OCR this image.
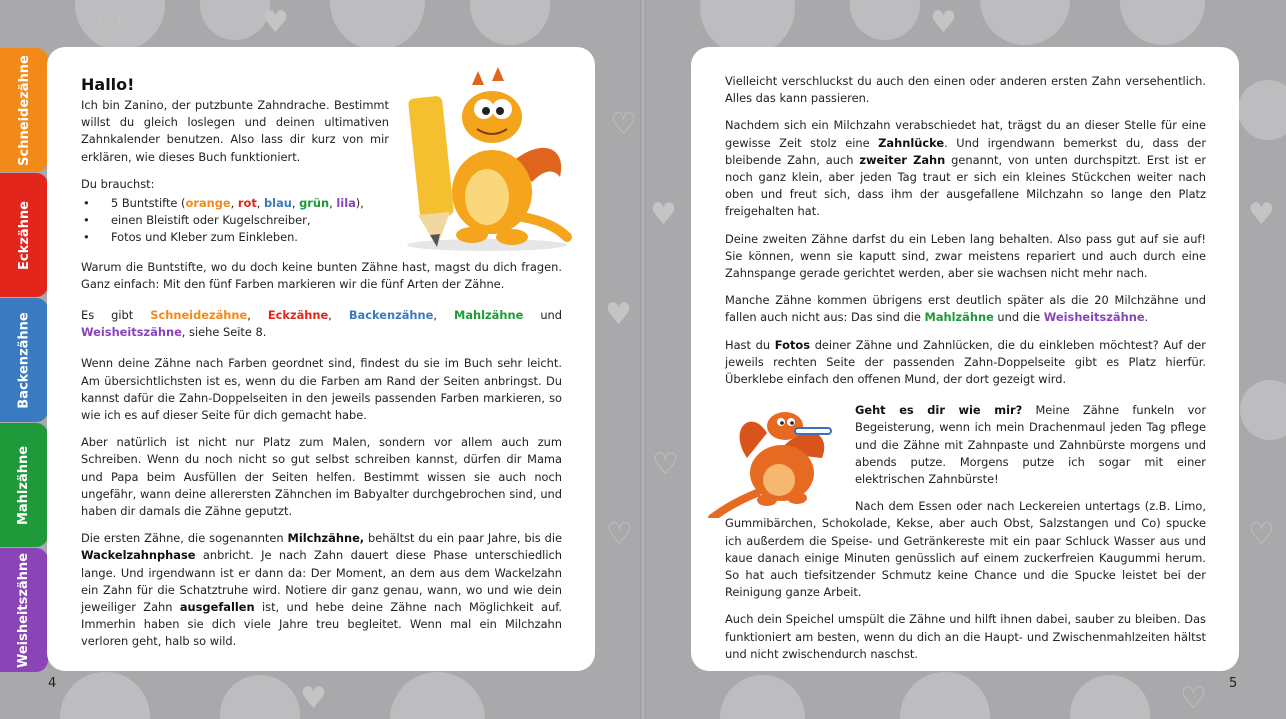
♡	♥
♡
♥
♡
♥
♡
♥
♡
♥
♡
♥
Schneidezähne
Eckzähne
Backenzähne
Mahlzähne
Weisheitszähne
Hallo!

Ich bin Zanino, der putzbunte Zahndrache. Bestimmt willst du gleich loslegen und deinen ultimativen Zahnkalender benutzen. Also lass dir kurz von mir erklären, wie dieses Buch funktioniert.

Du brauchst:

• 5 Buntstifte (orange, rot, blau, grün, lila),
• einen Bleistift oder Kugelschreiber,
• Fotos und Kleber zum Einkleben.

Warum die Buntstifte, wo du doch keine bunten Zähne hast, magst du dich fragen. Ganz einfach: Mit den fünf Farben markieren wir die fünf Arten der Zähne.

Es gibt Schneidezähne, Eckzähne, Backenzähne, Mahlzähne und Weisheitszähne, siehe Seite 8.

Wenn deine Zähne nach Farben geordnet sind, findest du sie im Buch sehr leicht. Am übersichtlichsten ist es, wenn du die Farben am Rand der Seiten anbringst. Du kannst dafür die Zahn-Doppelseiten in den jeweils passenden Farben markieren, so wie ich es auf dieser Seite für dich gemacht habe.

Aber natürlich ist nicht nur Platz zum Malen, sondern vor allem auch zum Schreiben. Wenn du noch nicht so gut selbst schreiben kannst, dürfen dir Mama und Papa beim Ausfüllen der Seiten helfen. Bestimmt wissen sie auch noch ungefähr, wann deine allerersten Zähnchen im Babyalter durchgebrochen sind, und haben dir damals die Zähne geputzt.

Die ersten Zähne, die sogenannten Milchzähne, behältst du ein paar Jahre, bis die Wackelzahnphase anbricht. Je nach Zahn dauert diese Phase unterschiedlich lange. Und irgendwann ist er dann da: Der Moment, an dem aus dem Wackelzahn ein Zahn für die Schatztruhe wird. Notiere dir ganz genau, wann, wo und wie dein jeweiliger Zahn ausgefallen ist, und hebe deine Zähne nach Möglichkeit auf. Immerhin haben sie dich viele Jahre treu begleitet. Wenn mal ein Milchzahn verloren geht, halb so wild.

4

Vielleicht verschluckst du auch den einen oder anderen ersten Zahn versehentlich. Alles das kann passieren.

Nachdem sich ein Milchzahn verabschiedet hat, trägst du an dieser Stelle für eine gewisse Zeit stolz eine Zahnlücke. Und irgendwann bemerkst du, dass der bleibende Zahn, auch zweiter Zahn genannt, von unten durchspitzt. Erst ist er noch ganz klein, aber jeden Tag traut er sich ein kleines Stückchen weiter nach oben und freut sich, dass ihm der ausgefallene Milchzahn so lange den Platz freigehalten hat.

Deine zweiten Zähne darfst du ein Leben lang behalten. Also pass gut auf sie auf! Sie können, wenn sie kaputt sind, zwar meistens repariert und auch durch eine Zahnspange gerade gerichtet werden, aber sie wachsen nicht mehr nach.

Manche Zähne kommen übrigens erst deutlich später als die 20 Milchzähne und fallen auch nicht aus: Das sind die Mahlzähne und die Weisheitszähne.

Hast du Fotos deiner Zähne und Zahnlücken, die du einkleben möchtest? Auf der jeweils rechten Seite der passenden Zahn-Doppelseite gibt es Platz hierfür. Überklebe einfach den offenen Mund, der dort gezeigt wird.

Geht es dir wie mir? Meine Zähne funkeln vor Begeisterung, wenn ich mein Drachenmaul jeden Tag pflege und die Zähne mit Zahnpaste und Zahnbürste morgens und abends putze. Morgens putze ich sogar mit einer elektrischen Zahnbürste!

Nach dem Essen oder nach Leckereien untertags (z.B. Limo, Gummibärchen, Schokolade, Kekse, aber auch Obst, Salzstangen und Co) spucke ich außerdem die Speise- und Getränkereste mit ein paar Schluck Wasser aus und kaue danach einige Minuten genüsslich auf einem zuckerfreien Kaugummi herum. So hat auch tiefsitzender Schmutz keine Chance und die Spucke leistet bei der Reinigung ganze Arbeit.

Auch dein Speichel umspült die Zähne und hilft ihnen dabei, sauber zu bleiben. Das funktioniert am besten, wenn du dich an die Haupt- und Zwischenmahlzeiten hältst und nicht zwischendurch naschst.

5
